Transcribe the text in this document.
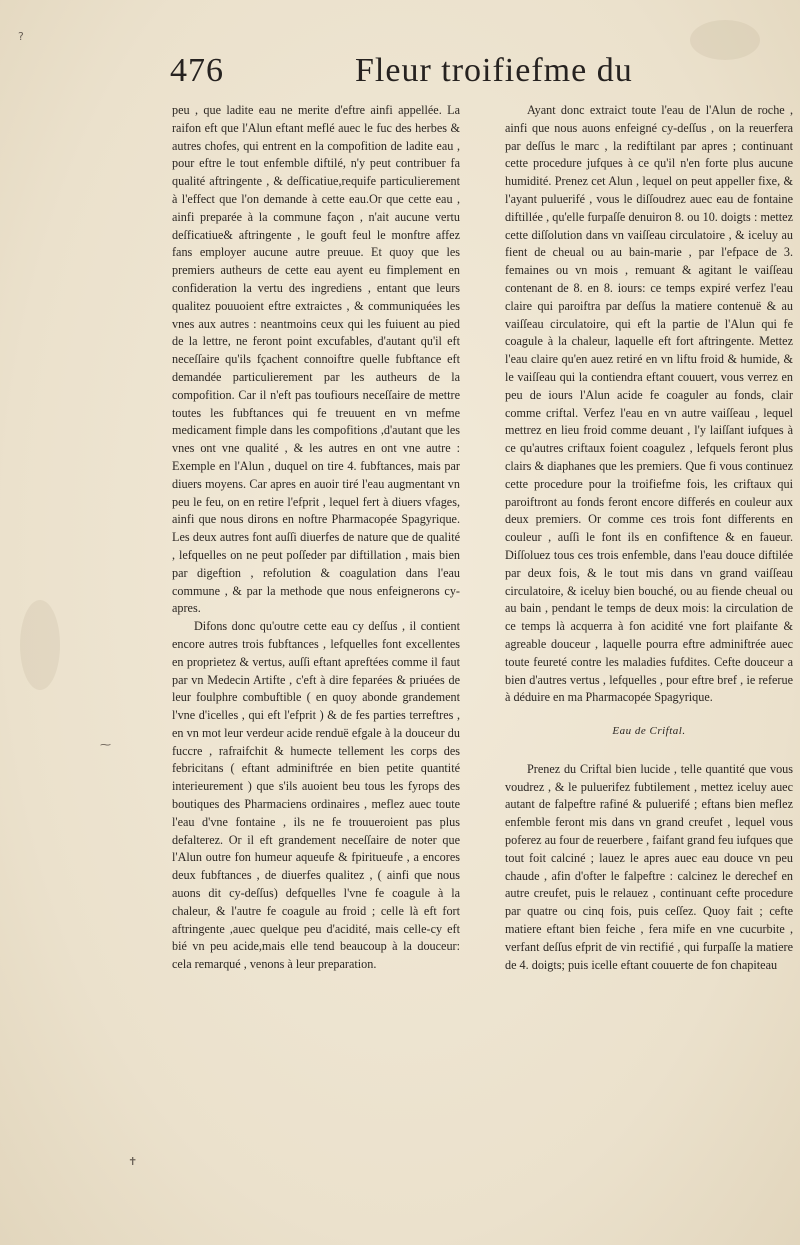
?
⁓
✝
476	Fleur troifiefme du

peu , que ladite eau ne merite d'eftre ainfi appellée. La raifon eft que l'Alun eftant meflé auec le fuc des herbes & autres chofes, qui entrent en la compofition de ladite eau , pour eftre le tout enfemble diftilé, n'y peut contribuer fa qualité aftringente , & deſficatiue,requife particulierement à l'effect que l'on demande à cette eau.Or que cette eau , ainfi preparée à la commune façon , n'ait aucune vertu deſficatiue& aftringente , le gouft feul le monftre affez fans employer aucune autre preuue. Et quoy que les premiers autheurs de cette eau ayent eu fimplement en confideration la vertu des ingrediens , entant que leurs qualitez pouuoient eftre extraictes , & communiquées les vnes aux autres : neantmoins ceux qui les fuiuent au pied de la lettre, ne feront point excufables, d'autant qu'il eft neceſſaire qu'ils fçachent connoiftre quelle fubftance eft demandée particulierement par les autheurs de la compofition. Car il n'eft pas toufiours neceſſaire de mettre toutes les fubftances qui fe treuuent en vn mefme medicament fimple dans les compofitions ,d'autant que les vnes ont vne qualité , & les autres en ont vne autre : Exemple en l'Alun , duquel on tire 4. fubftances, mais par diuers moyens. Car apres en auoir tiré l'eau augmentant vn peu le feu, on en retire l'efprit , lequel fert à diuers vfages, ainfi que nous dirons en noftre Pharmacopée Spagyrique. Les deux autres font auſſi diuerfes de nature que de qualité , lefquelles on ne peut poſſeder par diftillation , mais bien par digeftion , refolution & coagulation dans l'eau commune , & par la methode que nous enfeignerons cy-apres.

Difons donc qu'outre cette eau cy deſſus , il contient encore autres trois fubftances , lefquelles font excellentes en proprietez & vertus, auſſi eftant apreftées comme il faut par vn Medecin Artifte , c'eft à dire feparées & priuées de leur foulphre combuftible ( en quoy abonde grandement l'vne d'icelles , qui eft l'efprit ) & de fes parties terreftres , en vn mot leur verdeur acide renduë efgale à la douceur du fuccre , rafraifchit & humecte tellement les corps des febricitans ( eftant adminiftrée en bien petite quantité interieurement ) que s'ils auoient beu tous les fyrops des boutiques des Pharmaciens ordinaires , meflez auec toute l'eau d'vne fontaine , ils ne fe trouueroient pas plus defalterez. Or il eft grandement neceſſaire de noter que l'Alun outre fon humeur aqueufe & fpiritueufe , a encores deux fubftances , de diuerfes qualitez , ( ainfi que nous auons dit cy-deſſus) defquelles l'vne fe coagule à la chaleur, & l'autre fe coagule au froid ; celle là eft fort aftringente ,auec quelque peu d'acidité, mais celle-cy eft bié vn peu acide,mais elle tend beaucoup à la douceur: cela remarqué , venons à leur preparation.

Ayant donc extraict toute l'eau de l'Alun de roche , ainfi que nous auons enfeigné cy-deſſus , on la reuerfera par deſſus le marc , la rediftilant par apres ; continuant cette procedure jufques à ce qu'il n'en forte plus aucune humidité. Prenez cet Alun , lequel on peut appeller fixe, & l'ayant puluerifé , vous le diſſoudrez auec eau de fontaine diftillée , qu'elle furpaſſe denuiron 8. ou 10. doigts : mettez cette diſſolution dans vn vaiſſeau circulatoire , & iceluy au fient de cheual ou au bain-marie , par l'efpace de 3. femaines ou vn mois , remuant & agitant le vaiſſeau contenant de 8. en 8. iours: ce temps expiré verfez l'eau claire qui paroiftra par deſſus la matiere contenuë & au vaiſſeau circulatoire, qui eft la partie de l'Alun qui fe coagule à la chaleur, laquelle eft fort aftringente. Mettez l'eau claire qu'en auez retiré en vn liftu froid & humide, & le vaiſſeau qui la contiendra eftant couuert, vous verrez en peu de iours l'Alun acide fe coaguler au fonds, clair comme criftal. Verfez l'eau en vn autre vaiſſeau , lequel mettrez en lieu froid comme deuant , l'y laiſſant iufques à ce qu'autres criftaux foient coagulez , lefquels feront plus clairs & diaphanes que les premiers. Que fi vous continuez cette procedure pour la troifiefme fois, les criftaux qui paroiftront au fonds feront encore differés en couleur aux deux premiers. Or comme ces trois font differents en couleur , auſſi le font ils en confiftence & en faueur. Diſſoluez tous ces trois enfemble, dans l'eau douce diftilée par deux fois, & le tout mis dans vn grand vaiſſeau circulatoire, & iceluy bien bouché, ou au fiende cheual ou au bain , pendant le temps de deux mois: la circulation de ce temps là acquerra à fon acidité vne fort plaifante & agreable douceur , laquelle pourra eftre adminiftrée auec toute feureté contre les maladies fufdites. Cefte douceur a bien d'autres vertus , lefquelles , pour eftre bref , ie referue à déduire en ma Pharmacopée Spagyrique.

Eau de Criftal.

Prenez du Criftal bien lucide , telle quantité que vous voudrez , & le puluerifez fubtilement , mettez iceluy auec autant de falpeftre rafiné & puluerifé ; eftans bien meflez enfemble feront mis dans vn grand creufet , lequel vous poferez au four de reuerbere , faifant grand feu iufques que tout foit calciné ; lauez le apres auec eau douce vn peu chaude , afin d'ofter le falpeftre : calcinez le derechef en autre creufet, puis le relauez , continuant cefte procedure par quatre ou cinq fois, puis ceſſez. Quoy fait ; cefte matiere eftant bien feiche , fera mife en vne cucurbite , verfant deſſus efprit de vin rectifié , qui furpaſſe la matiere de 4. doigts; puis icelle eftant couuerte de fon chapiteau
